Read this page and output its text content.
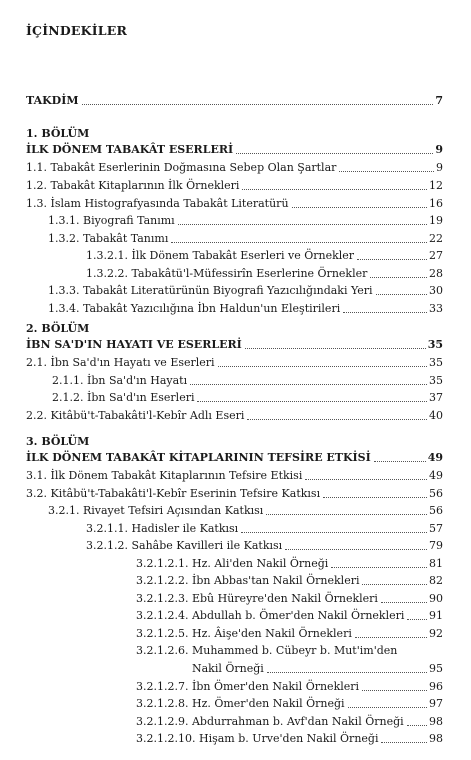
İÇİNDEKİLER
TAKDİM	7
1. BÖLÜM
İLK DÖNEM TABAKÂT ESERLERİ	9
1.1. Tabakât Eserlerinin Doğmasına Sebep Olan Şartlar	9
1.2. Tabakât Kitaplarının İlk Örnekleri	12
1.3. İslam Histografyasında Tabakât Literatürü	16
1.3.1. Biyografi Tanımı	19
1.3.2. Tabakât Tanımı	22
1.3.2.1. İlk Dönem Tabakât Eserleri ve Örnekler	27
1.3.2.2. Tabakâtü'l-Müfessirîn Eserlerine Örnekler	28
1.3.3. Tabakât Literatürünün Biyografi Yazıcılığındaki Yeri	30
1.3.4. Tabakât Yazıcılığına İbn Haldun'un Eleştirileri	33
2. BÖLÜM
İBN SA'D'IN HAYATI VE ESERLERİ	35
2.1. İbn Sa'd'ın Hayatı ve Eserleri	35
2.1.1. İbn Sa'd'ın Hayatı	35
2.1.2. İbn Sa'd'ın Eserleri	37
2.2. Kitâbü't-Tabakâti'l-Kebîr Adlı Eseri	40
3. BÖLÜM
İLK DÖNEM TABAKÂT KİTAPLARININ TEFSİRE ETKİSİ	49
3.1. İlk Dönem Tabakât Kitaplarının Tefsire Etkisi	49
3.2. Kitâbü't-Tabakâti'l-Kebîr Eserinin Tefsire Katkısı	56
3.2.1. Rivayet Tefsiri Açısından Katkısı	56
3.2.1.1. Hadisler ile Katkısı	57
3.2.1.2. Sahâbe Kavilleri ile Katkısı	79
3.2.1.2.1. Hz. Ali'den Nakil Örneği	81
3.2.1.2.2. İbn Abbas'tan Nakil Örnekleri	82
3.2.1.2.3. Ebû Hüreyre'den Nakil Örnekleri	90
3.2.1.2.4. Abdullah b. Ömer'den Nakil Örnekleri 91
3.2.1.2.5. Hz. Âişe'den Nakil Örnekleri	92
3.2.1.2.6. Muhammed b. Cübeyr b. Mut'im'den
Nakil Örneği	95
3.2.1.2.7. İbn Ömer'den Nakil Örnekleri	96
3.2.1.2.8. Hz. Ömer'den Nakil Örneği	97
3.2.1.2.9. Abdurrahman b. Avf'dan Nakil Örneği 98
3.2.1.2.10. Hişam b. Urve'den Nakil Örneği	98
